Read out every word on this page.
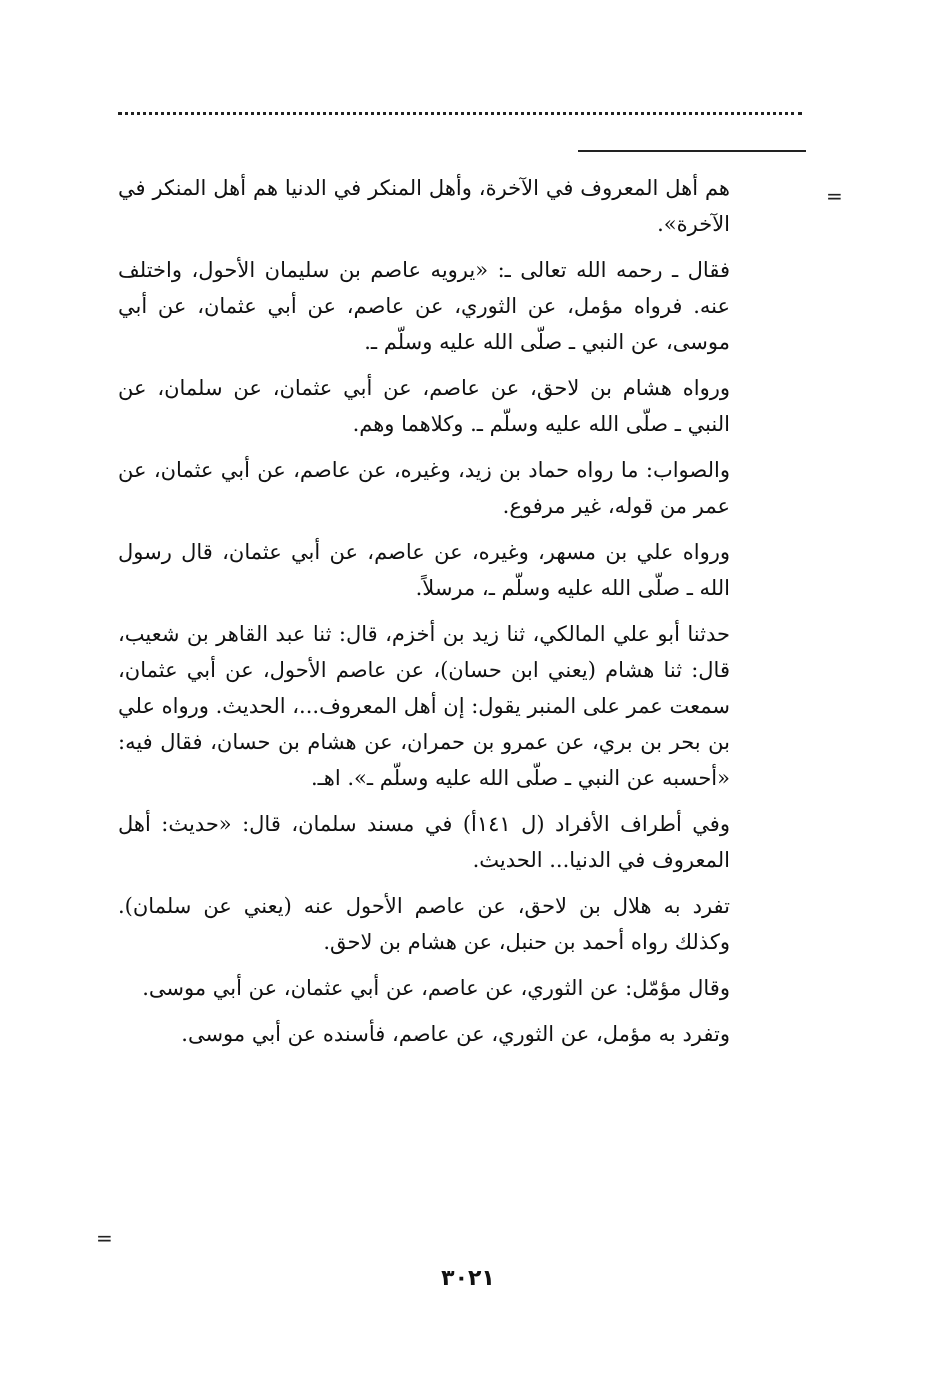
=

هم أهل المعروف في الآخرة، وأهل المنكر في الدنيا هم أهل المنكر في الآخرة».

فقال ـ رحمه الله تعالى ـ: «يرويه عاصم بن سليمان الأحول، واختلف عنه. فرواه مؤمل، عن الثوري، عن عاصم، عن أبي عثمان، عن أبي موسى، عن النبي ـ صلّى الله عليه وسلّم ـ.

ورواه هشام بن لاحق، عن عاصم، عن أبي عثمان، عن سلمان، عن النبي ـ صلّى الله عليه وسلّم ـ. وكلاهما وهم.

والصواب: ما رواه حماد بن زيد، وغيره، عن عاصم، عن أبي عثمان، عن عمر من قوله، غير مرفوع.

ورواه علي بن مسهر، وغيره، عن عاصم، عن أبي عثمان، قال رسول الله ـ صلّى الله عليه وسلّم ـ، مرسلاً.

حدثنا أبو علي المالكي، ثنا زيد بن أخزم، قال: ثنا عبد القاهر بن شعيب، قال: ثنا هشام (يعني ابن حسان)، عن عاصم الأحول، عن أبي عثمان، سمعت عمر على المنبر يقول: إن أهل المعروف...، الحديث. ورواه علي بن بحر بن بري، عن عمرو بن حمران، عن هشام بن حسان، فقال فيه: «أحسبه عن النبي ـ صلّى الله عليه وسلّم ـ». اهـ.

وفي أطراف الأفراد (ل ١٤١أ) في مسند سلمان، قال: «حديث: أهل المعروف في الدنيا... الحديث.

تفرد به هلال بن لاحق، عن عاصم الأحول عنه (يعني عن سلمان). وكذلك رواه أحمد بن حنبل، عن هشام بن لاحق.

وقال مؤمّل: عن الثوري، عن عاصم، عن أبي عثمان، عن أبي موسى.

وتفرد به مؤمل، عن الثوري، عن عاصم، فأسنده عن أبي موسى.

=
٣٠٢١
